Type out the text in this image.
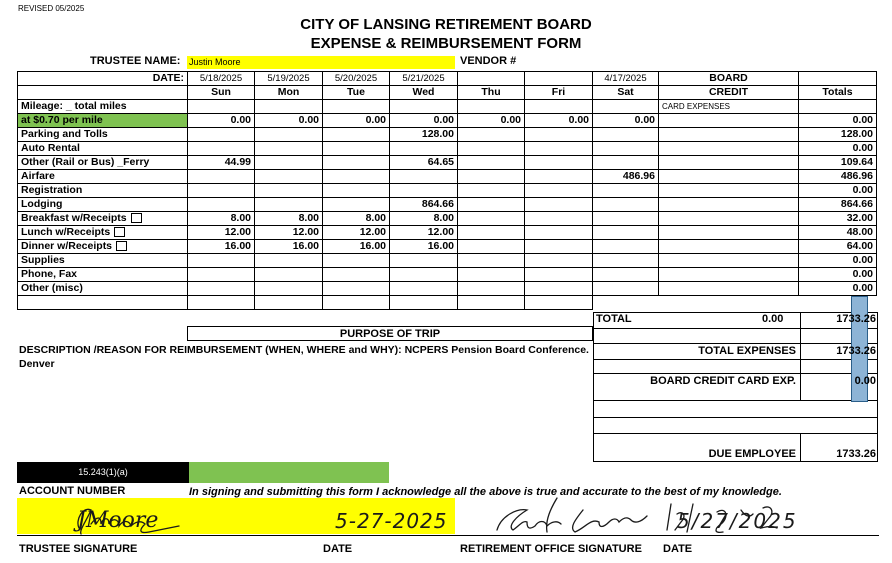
REVISED 05/2025
CITY OF LANSING RETIREMENT BOARD
EXPENSE & REIMBURSEMENT FORM
TRUSTEE NAME: Justin Moore	VENDOR #
DATE:	5/18/2025	5/19/2025	5/20/2025	5/21/2025			4/17/2025	BOARD	
	Sun	Mon	Tue	Wed	Thu	Fri	Sat	CREDIT	Totals
Mileage: _ total miles								CARD EXPENSES	
at $0.70 per mile	0.00	0.00	0.00	0.00	0.00	0.00	0.00		0.00
Parking and Tolls				128.00					128.00
Auto Rental									0.00
Other (Rail or Bus) _Ferry	44.99			64.65					109.64
Airfare							486.96		486.96
Registration									0.00
Lodging				864.66					864.66
Breakfast w/Receipts	8.00	8.00	8.00	8.00					32.00
Lunch w/Receipts	12.00	12.00	12.00	12.00					48.00
Dinner w/Receipts	16.00	16.00	16.00	16.00					64.00
Supplies									0.00
Phone, Fax									0.00
Other (misc)									0.00

PURPOSE OF TRIP
DESCRIPTION /REASON FOR REIMBURSEMENT (WHEN, WHERE and WHY): NCPERS Pension Board Conference. Denver
TOTAL	0.00	1733.26
TOTAL EXPENSES	1733.26
BOARD CREDIT CARD EXP.	0.00
DUE EMPLOYEE	1733.26
15.243(1)(a)
ACCOUNT NUMBER	In signing and submitting this form I acknowledge all the above is true and accurate to the best of my knowledge.
JMoore	5-27-2025	5/27/2025
TRUSTEE SIGNATURE	DATE	RETIREMENT OFFICE SIGNATURE DATE
